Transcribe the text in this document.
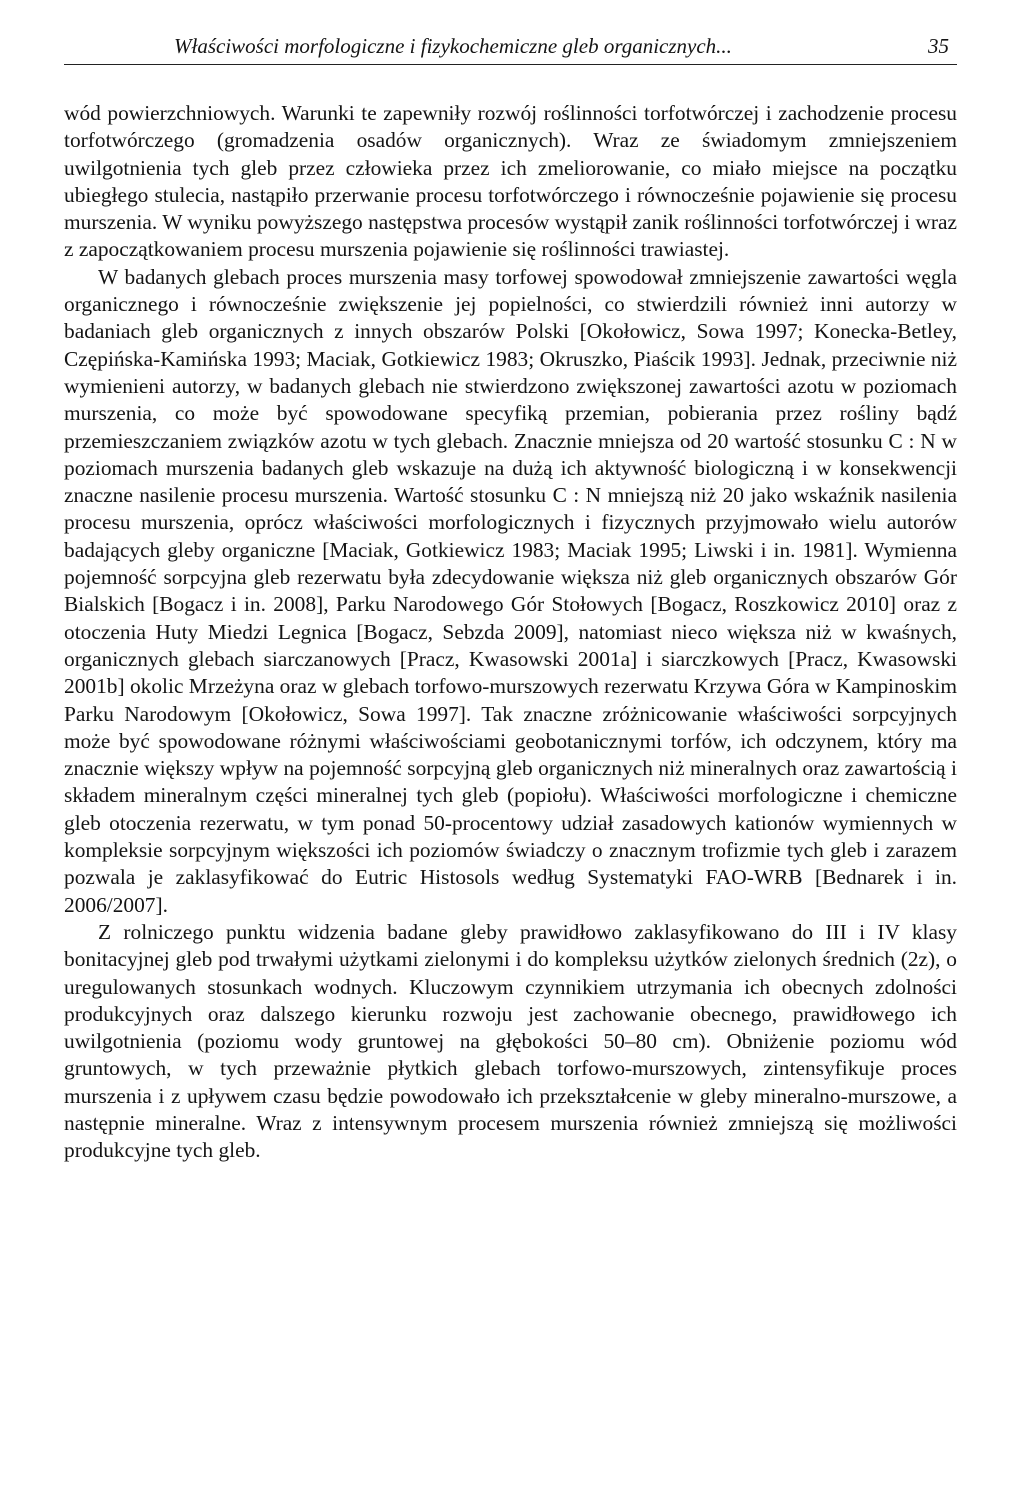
Właściwości morfologiczne i fizykochemiczne gleb organicznych...	35

wód powierzchniowych. Warunki te zapewniły rozwój roślinności torfotwórczej i zachodzenie procesu torfotwórczego (gromadzenia osadów organicznych). Wraz ze świadomym zmniejszeniem uwilgotnienia tych gleb przez człowieka przez ich zmeliorowanie, co miało miejsce na początku ubiegłego stulecia, nastąpiło przerwanie procesu torfotwórczego i równocześnie pojawienie się procesu murszenia. W wyniku powyższego następstwa procesów wystąpił zanik roślinności torfotwórczej i wraz z zapoczątkowaniem procesu murszenia pojawienie się roślinności trawiastej.

W badanych glebach proces murszenia masy torfowej spowodował zmniejszenie zawartości węgla organicznego i równocześnie zwiększenie jej popielności, co stwierdzili również inni autorzy w badaniach gleb organicznych z innych obszarów Polski [Okołowicz, Sowa 1997; Konecka-Betley, Czępińska-Kamińska 1993; Maciak, Gotkiewicz 1983; Okruszko, Piaścik 1993]. Jednak, przeciwnie niż wymienieni autorzy, w badanych glebach nie stwierdzono zwiększonej zawartości azotu w poziomach murszenia, co może być spowodowane specyfiką przemian, pobierania przez rośliny bądź przemieszczaniem związków azotu w tych glebach. Znacznie mniejsza od 20 wartość stosunku C : N w poziomach murszenia badanych gleb wskazuje na dużą ich aktywność biologiczną i w konsekwencji znaczne nasilenie procesu murszenia. Wartość stosunku C : N mniejszą niż 20 jako wskaźnik nasilenia procesu murszenia, oprócz właściwości morfologicznych i fizycznych przyjmowało wielu autorów badających gleby organiczne [Maciak, Gotkiewicz 1983; Maciak 1995; Liwski i in. 1981]. Wymienna pojemność sorpcyjna gleb rezerwatu była zdecydowanie większa niż gleb organicznych obszarów Gór Bialskich [Bogacz i in. 2008], Parku Narodowego Gór Stołowych [Bogacz, Roszkowicz 2010] oraz z otoczenia Huty Miedzi Legnica [Bogacz, Sebzda 2009], natomiast nieco większa niż w kwaśnych, organicznych glebach siarczanowych [Pracz, Kwasowski 2001a] i siarczkowych [Pracz, Kwasowski 2001b] okolic Mrzeżyna oraz w glebach torfowo-murszowych rezerwatu Krzywa Góra w Kampinoskim Parku Narodowym [Okołowicz, Sowa 1997]. Tak znaczne zróżnicowanie właściwości sorpcyjnych może być spowodowane różnymi właściwościami geobotanicznymi torfów, ich odczynem, który ma znacznie większy wpływ na pojemność sorpcyjną gleb organicznych niż mineralnych oraz zawartością i składem mineralnym części mineralnej tych gleb (popiołu). Właściwości morfologiczne i chemiczne gleb otoczenia rezerwatu, w tym ponad 50-procentowy udział zasadowych kationów wymiennych w kompleksie sorpcyjnym większości ich poziomów świadczy o znacznym trofizmie tych gleb i zarazem pozwala je zaklasyfikować do Eutric Histosols według Systematyki FAO-WRB [Bednarek i in. 2006/2007].

Z rolniczego punktu widzenia badane gleby prawidłowo zaklasyfikowano do III i IV klasy bonitacyjnej gleb pod trwałymi użytkami zielonymi i do kompleksu użytków zielonych średnich (2z), o uregulowanych stosunkach wodnych. Kluczowym czynnikiem utrzymania ich obecnych zdolności produkcyjnych oraz dalszego kierunku rozwoju jest zachowanie obecnego, prawidłowego ich uwilgotnienia (poziomu wody gruntowej na głębokości 50–80 cm). Obniżenie poziomu wód gruntowych, w tych przeważnie płytkich glebach torfowo-murszowych, zintensyfikuje proces murszenia i z upływem czasu będzie powodowało ich przekształcenie w gleby mineralno-murszowe, a następnie mineralne. Wraz z intensywnym procesem murszenia również zmniejszą się możliwości produkcyjne tych gleb.
